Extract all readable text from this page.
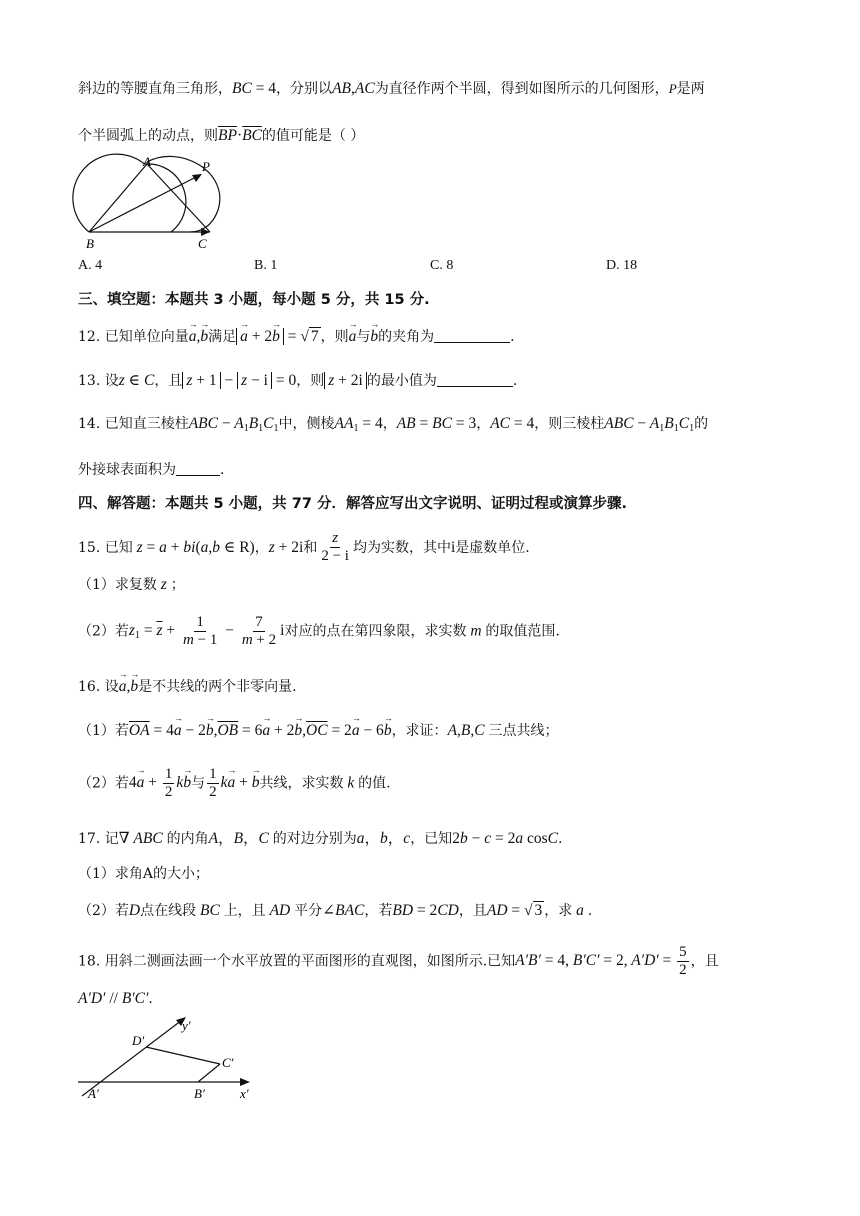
斜边的等腰直角三角形，BC = 4，分别以AB,AC为直径作两个半圆，得到如图所示的几何图形，P是两
个半圆弧上的动点，则$\overline{BP}\cdot\overline{BC}$的值可能是（ ）
A	P
B	C
A. 4	B. 1	C. 8	D. 18
三、填空题：本题共 3 小题，每小题 5 分，共 15 分.
12. 已知单位向量→ a,→ b满足 → a + 2→ b = √ 7 ，则→ a与→ b的夹角为	.
13. 设z ∈ C，且 z + 1 − z − i = 0，则 z + 2i 的最小值为	.
14. 已知直三棱柱ABC − $A_1B_1C_1$中，侧棱$AA_1 = 4$，AB = BC = 3，AC = 4，则三棱柱ABC − $A_1B_1C_1$的
外接球表面积为	.
四、解答题：本题共 5 小题，共 77 分．解答应写出文字说明、证明过程或演算步骤.
15. 已知 z = a + bi(a,b ∈ R)，z + 2i和 $\frac{z}{2 - i}$ 均为实数，其中i是虚数单位.
（1）求复数 z ；
（2）若$z_1 = \overline{z} + \frac{1}{m - 1} - \frac{7}{m + 2}$ i对应的点在第四象限，求实数 m 的取值范围.
16. 设→ a,→ b是不共线的两个非零向量.
（1）若$\overline{OA} = 4\to a - 2\to b,\overline{OB} = 6\to a + 2\to b,\overline{OC} = 2\to a - 6\to b$，求证：A,B,C 三点共线；
（2）若$4\to a + \frac{1}{2} k\to b$与 $\frac{1}{2} k\to a$ + → b共线，求实数 k 的值.
17. 记∇ ABC 的内角A，B，C 的对边分别为a，b，c，已知2b − c = 2a cosC.
（1）求角A的大小；
（2）若D点在线段 BC 上，且 AD 平分∠BAC，若BD = 2CD，且AD = √ 3 ，求 a .
18. 用斜二测画法画一个水平放置的平面图形的直观图，如图所示.已知A′B′ = 4, B′C′ = 2, $A'D' = \frac{5}{2}$ ，且
A′D′ // B′C′.
D′
y′
C′
A′	B′	x′
